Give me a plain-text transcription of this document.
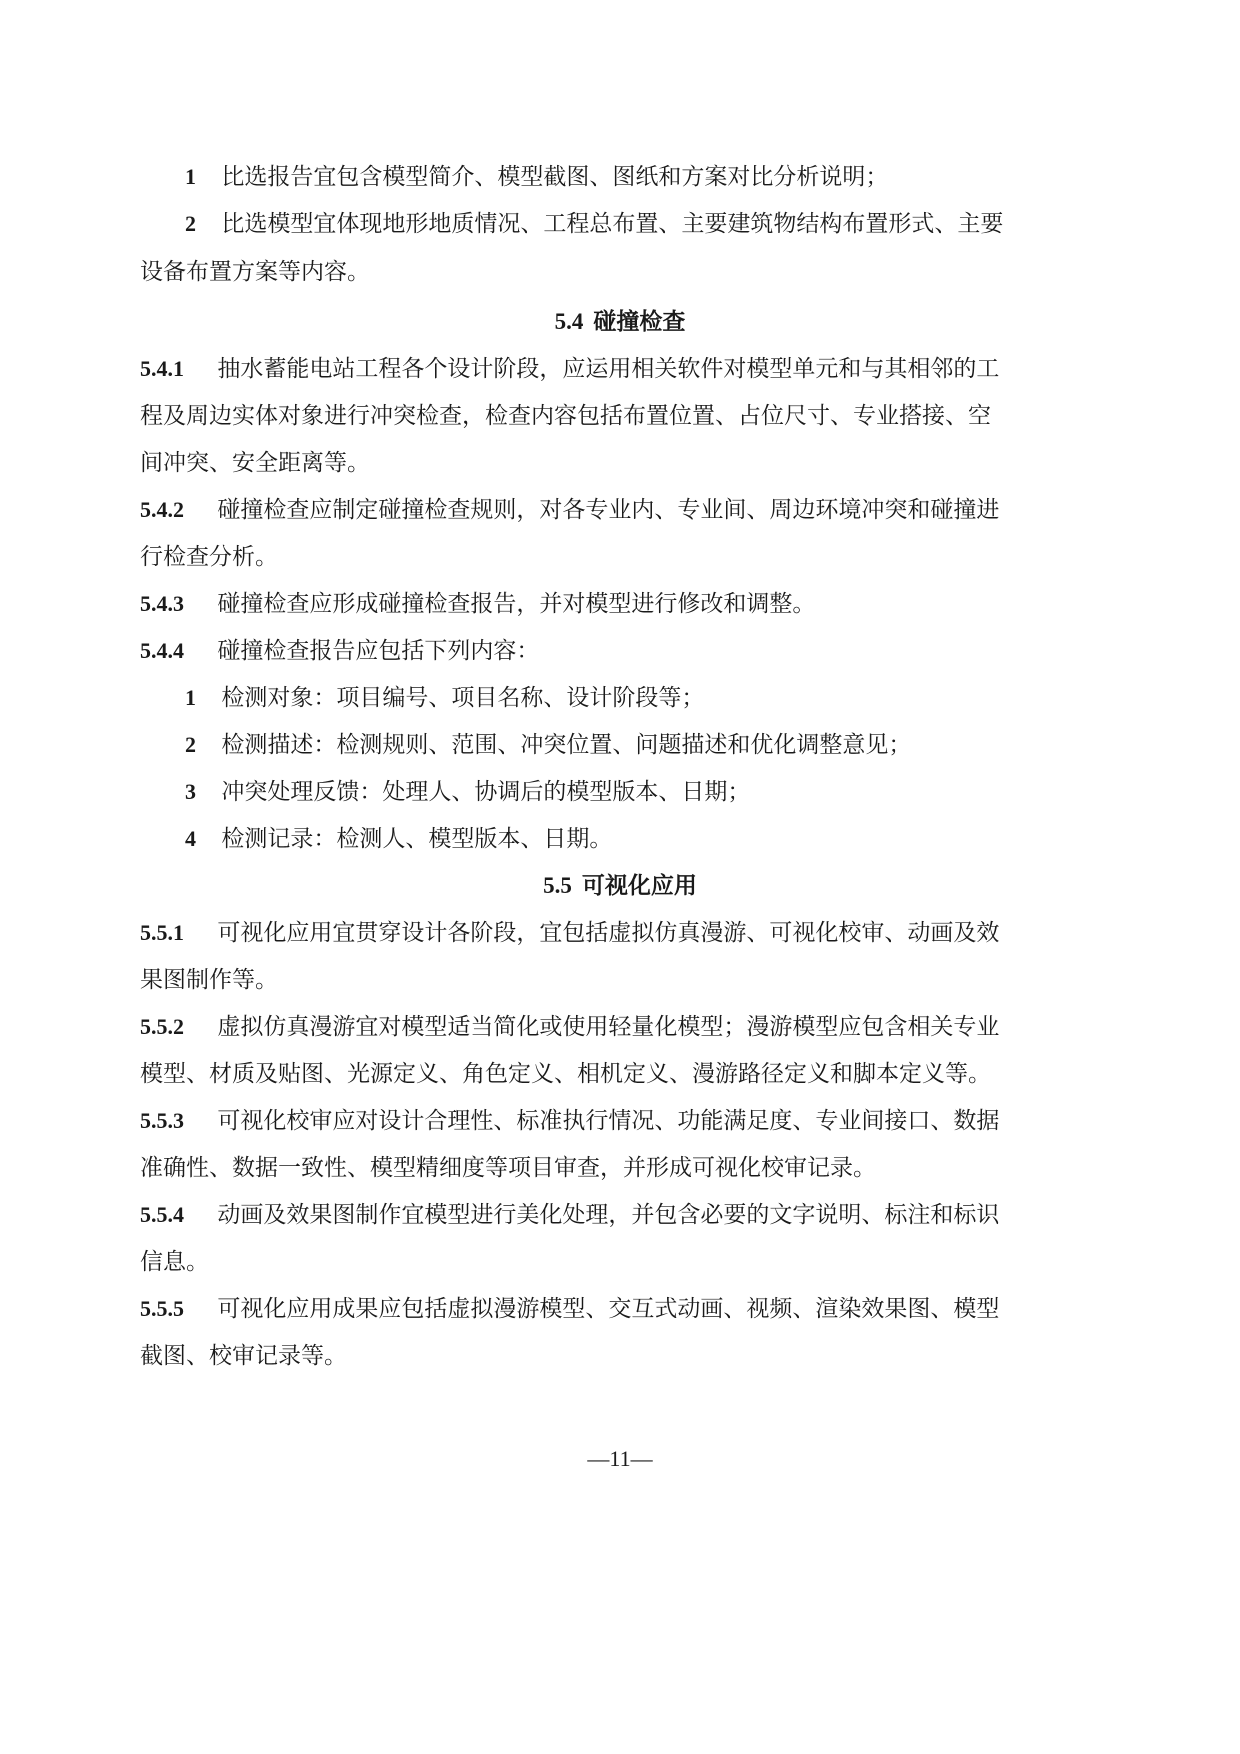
1 比选报告宜包含模型简介、模型截图、图纸和方案对比分析说明；
2 比选模型宜体现地形地质情况、工程总布置、主要建筑物结构布置形式、主要
设备布置方案等内容。
5.4 碰撞检查
5.4.1 抽水蓄能电站工程各个设计阶段，应运用相关软件对模型单元和与其相邻的工
程及周边实体对象进行冲突检查，检查内容包括布置位置、占位尺寸、专业搭接、空
间冲突、安全距离等。
5.4.2 碰撞检查应制定碰撞检查规则，对各专业内、专业间、周边环境冲突和碰撞进
行检查分析。
5.4.3 碰撞检查应形成碰撞检查报告，并对模型进行修改和调整。
5.4.4 碰撞检查报告应包括下列内容：
1 检测对象：项目编号、项目名称、设计阶段等；
2 检测描述：检测规则、范围、冲突位置、问题描述和优化调整意见；
3 冲突处理反馈：处理人、协调后的模型版本、日期；
4 检测记录：检测人、模型版本、日期。
5.5 可视化应用
5.5.1 可视化应用宜贯穿设计各阶段，宜包括虚拟仿真漫游、可视化校审、动画及效
果图制作等。
5.5.2 虚拟仿真漫游宜对模型适当简化或使用轻量化模型；漫游模型应包含相关专业
模型、材质及贴图、光源定义、角色定义、相机定义、漫游路径定义和脚本定义等。
5.5.3 可视化校审应对设计合理性、标准执行情况、功能满足度、专业间接口、数据
准确性、数据一致性、模型精细度等项目审查，并形成可视化校审记录。
5.5.4 动画及效果图制作宜模型进行美化处理，并包含必要的文字说明、标注和标识
信息。
5.5.5 可视化应用成果应包括虚拟漫游模型、交互式动画、视频、渲染效果图、模型
截图、校审记录等。
—11—
